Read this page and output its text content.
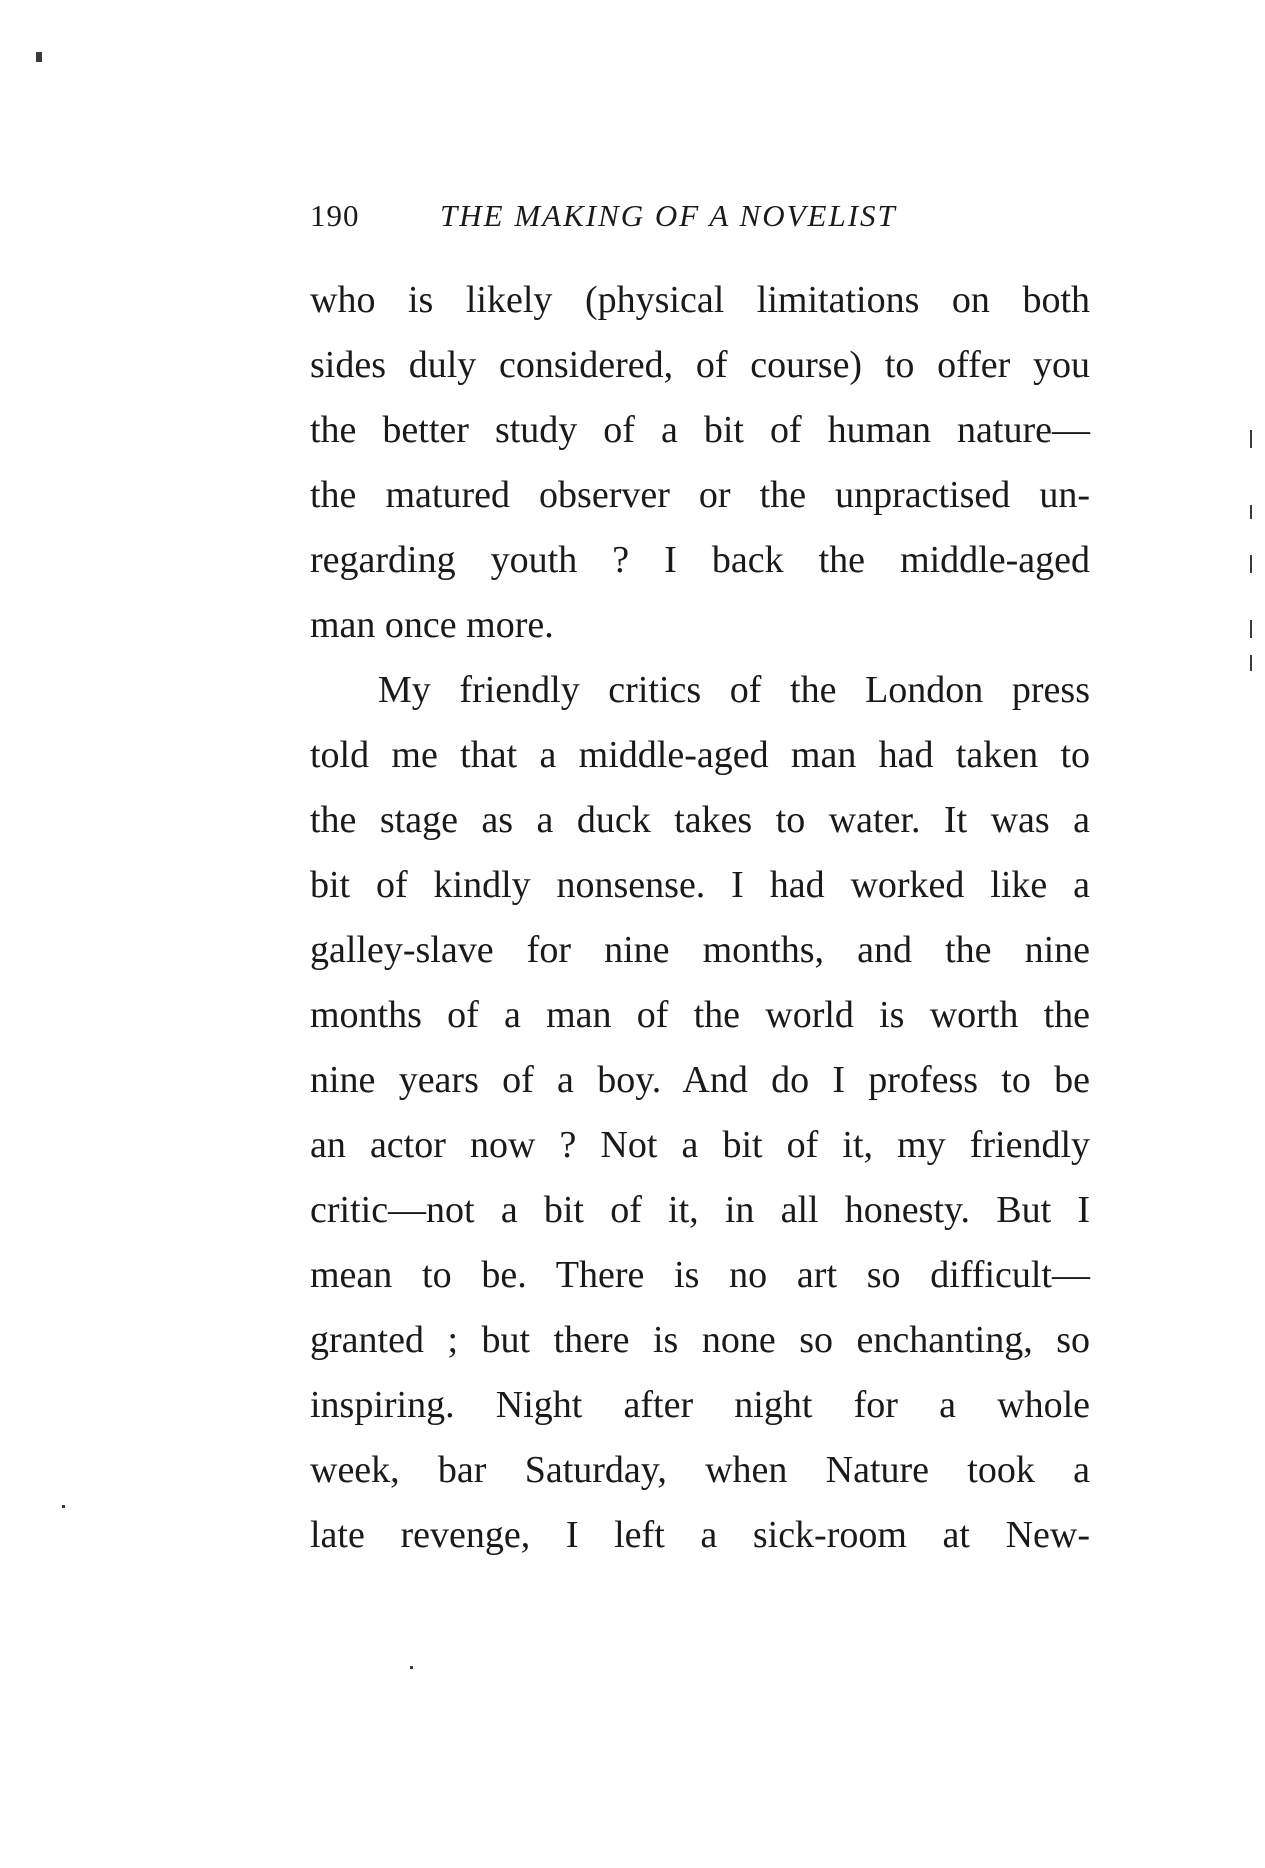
190	THE MAKING OF A NOVELIST
who is likely (physical limitations on both
sides duly considered, of course) to offer you
the better study of a bit of human nature—
the matured observer or the unpractised un-
regarding youth ? I back the middle-aged
man once more.
My friendly critics of the London press
told me that a middle-aged man had taken to
the stage as a duck takes to water. It was a
bit of kindly nonsense. I had worked like a
galley-slave for nine months, and the nine
months of a man of the world is worth the
nine years of a boy. And do I profess to be
an actor now ? Not a bit of it, my friendly
critic—not a bit of it, in all honesty. But I
mean to be. There is no art so difficult—
granted ; but there is none so enchanting, so
inspiring. Night after night for a whole
week, bar Saturday, when Nature took a
late revenge, I left a sick-room at New-
